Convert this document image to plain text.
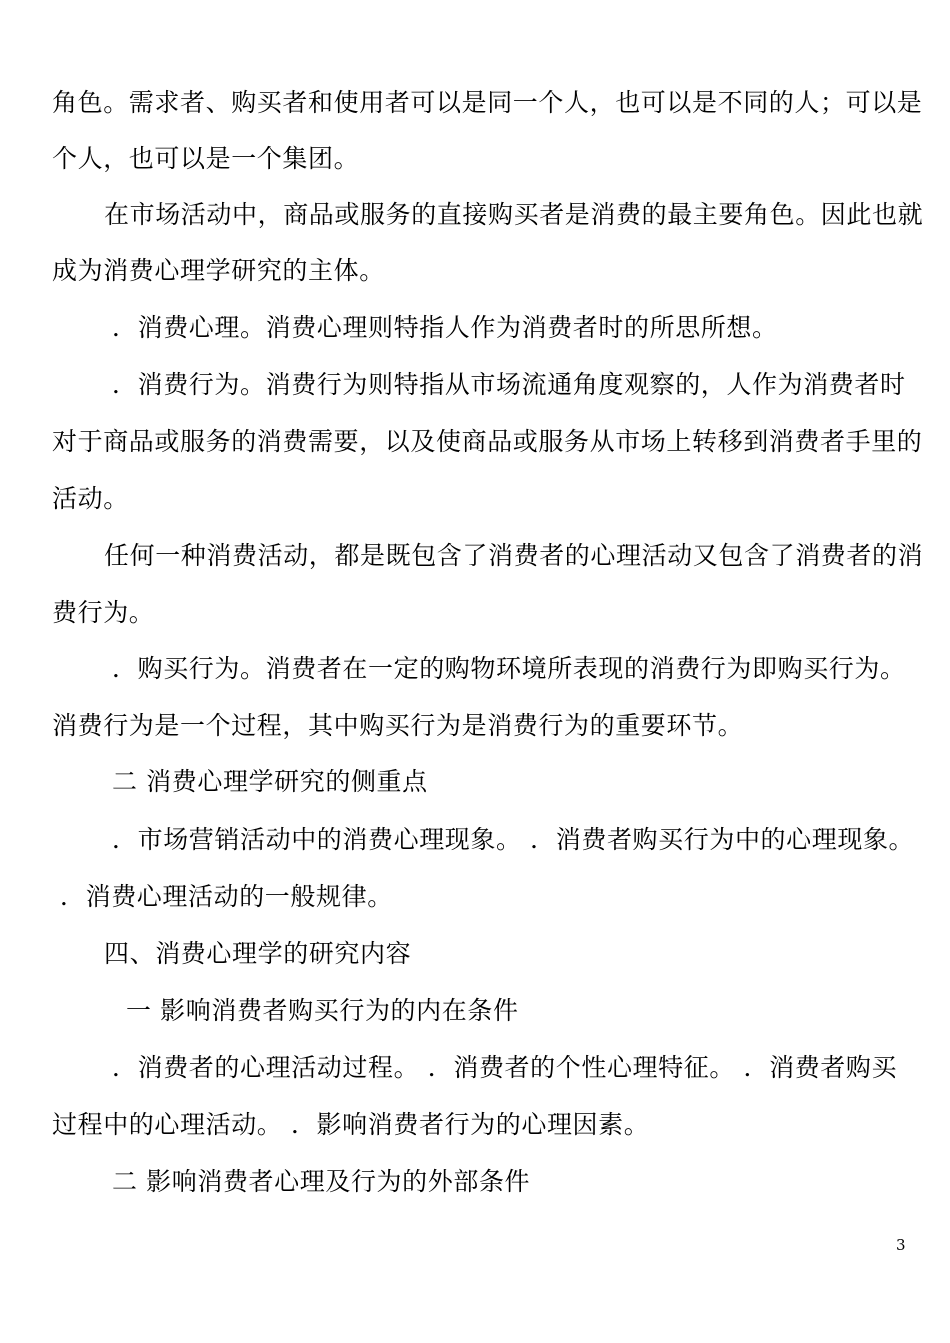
角色。需求者、购买者和使用者可以是同一个人，也可以是不同的人；可以是
个人，也可以是一个集团。
在市场活动中，商品或服务的直接购买者是消费的最主要角色。因此也就
成为消费心理学研究的主体。
．消费心理。消费心理则特指人作为消费者时的所思所想。
．消费行为。消费行为则特指从市场流通角度观察的，人作为消费者时
对于商品或服务的消费需要，以及使商品或服务从市场上转移到消费者手里的
活动。
任何一种消费活动，都是既包含了消费者的心理活动又包含了消费者的消
费行为。
．购买行为。消费者在一定的购物环境所表现的消费行为即购买行为。
消费行为是一个过程，其中购买行为是消费行为的重要环节。
二 消费心理学研究的侧重点
．市场营销活动中的消费心理现象。 ．消费者购买行为中的心理现象。
．消费心理活动的一般规律。
四、消费心理学的研究内容
一 影响消费者购买行为的内在条件
．消费者的心理活动过程。 ．消费者的个性心理特征。 ．消费者购买
过程中的心理活动。 ．影响消费者行为的心理因素。
二 影响消费者心理及行为的外部条件
3
